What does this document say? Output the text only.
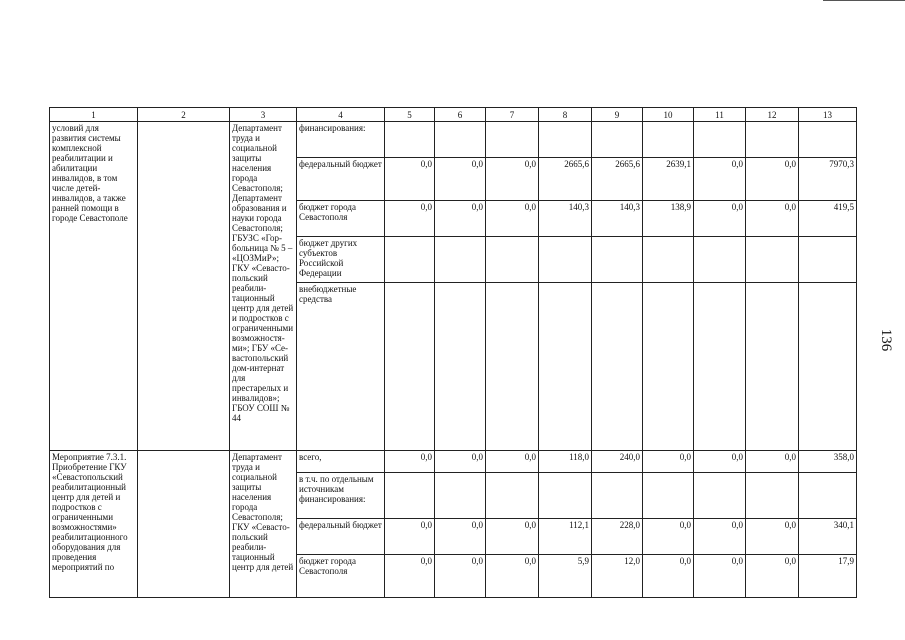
136
1	2	3	4	5	6	7	8	9	10	11	12	13
условий для развития системы комплексной реабилитации и абилитации инвалидов, в том числе детей-инвалидов, а также ранней помощи в городе Севастополе		Департамент труда и социальной защиты населения города Севастополя; Департамент образования и науки города Севастополя; ГБУЗС «Гор-больница № 5 – «ЦОЗМиР»; ГКУ «Севасто-польский реабили-тационный центр для детей и подростков с ограниченными возможностя-ми»; ГБУ «Се-вастопольский дом-интернат для престарелых и инвалидов»; ГБОУ СОШ № 44	финансирования:									
			федеральный бюджет	0,0	0,0	0,0	2665,6	2665,6	2639,1	0,0	0,0	7970,3
			бюджет города Севастополя	0,0	0,0	0,0	140,3	140,3	138,9	0,0	0,0	419,5
			бюджет других субъектов Российской Федерации									
			внебюджетные средства									
Мероприятие 7.3.1. Приобретение ГКУ «Севастопольский реабилитационный центр для детей и подростков с ограниченными возможностями» реабилитационного оборудования для проведения мероприятий по		Департамент труда и социальной защиты населения города Севастополя; ГКУ «Севасто-польский реабили-тационный центр для детей	всего,	0,0	0,0	0,0	118,0	240,0	0,0	0,0	0,0	358,0
			в т.ч. по отдельным источникам финансирования:									
			федеральный бюджет	0,0	0,0	0,0	112,1	228,0	0,0	0,0	0,0	340,1
			бюджет города Севастополя	0,0	0,0	0,0	5,9	12,0	0,0	0,0	0,0	17,9
